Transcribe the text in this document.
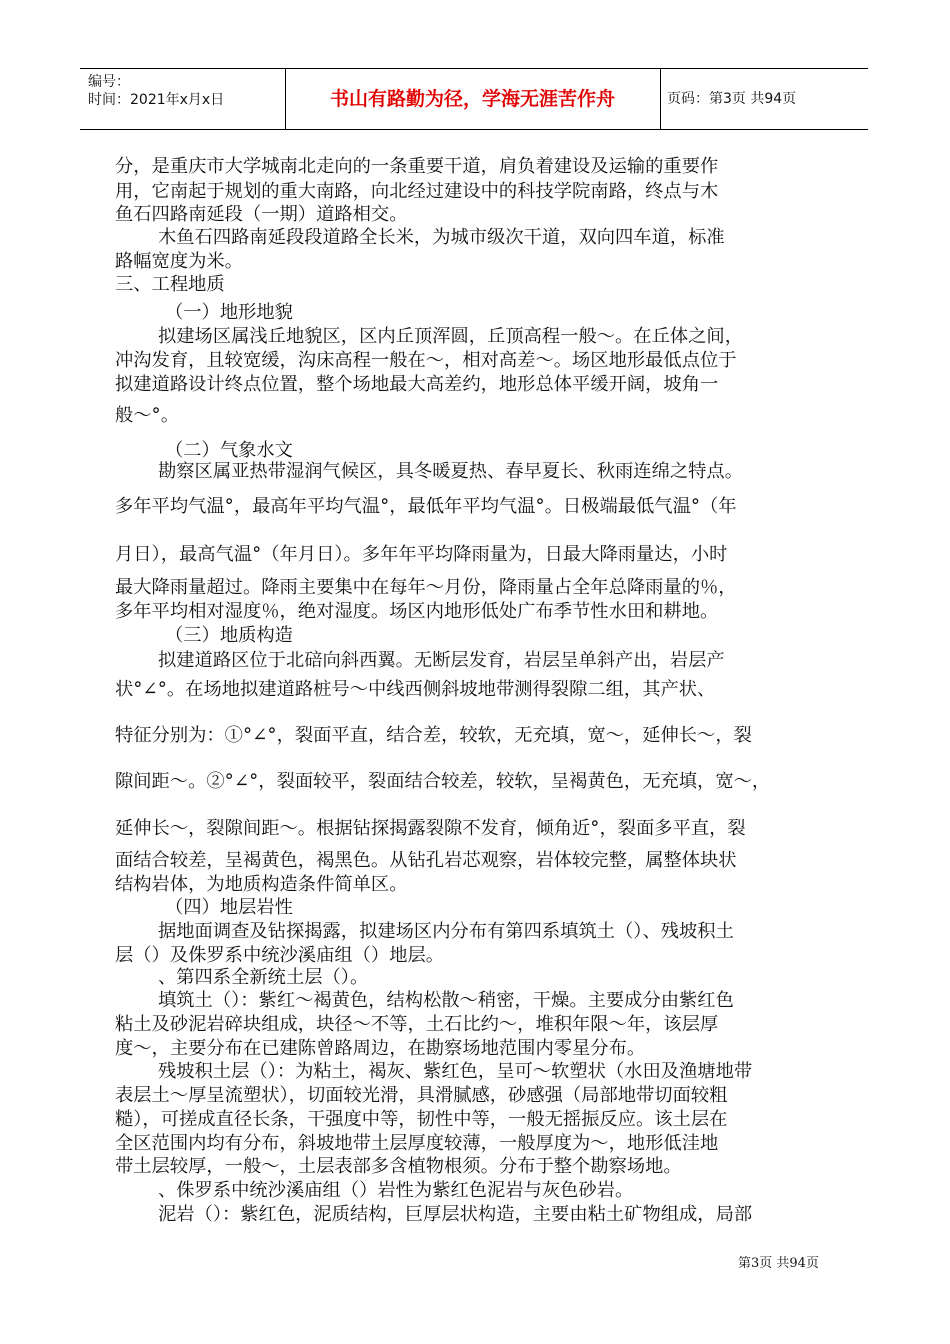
编号：
时间：2021年x月x日	书山有路勤为径，学海无涯苦作舟	页码：第3页 共94页
分，是重庆市大学城南北走向的一条重要干道，肩负着建设及运输的重要作
用，它南起于规划的重大南路，向北经过建设中的科技学院南路，终点与木
鱼石四路南延段（一期）道路相交。
木鱼石四路南延段段道路全长米，为城市级次干道，双向四车道，标准
路幅宽度为米。
三、工程地质
（一）地形地貌
拟建场区属浅丘地貌区，区内丘顶浑圆，丘顶高程一般～。在丘体之间，
冲沟发育，且较宽缓，沟床高程一般在～，相对高差～。场区地形最低点位于
拟建道路设计终点位置，整个场地最大高差约，地形总体平缓开阔，坡角一
般～°。
（二）气象水文
勘察区属亚热带湿润气候区，具冬暖夏热、春早夏长、秋雨连绵之特点。
多年平均气温°，最高年平均气温°，最低年平均气温°。日极端最低气温°（年
月日），最高气温°（年月日）。多年年平均降雨量为，日最大降雨量达，小时
最大降雨量超过。降雨主要集中在每年～月份，降雨量占全年总降雨量的％，
多年平均相对湿度％，绝对湿度。场区内地形低处广布季节性水田和耕地。
（三）地质构造
拟建道路区位于北碚向斜西翼。无断层发育，岩层呈单斜产出，岩层产
状°∠°。在场地拟建道路桩号～中线西侧斜坡地带测得裂隙二组，其产状、
特征分别为：①°∠°，裂面平直，结合差，较软，无充填，宽～，延伸长～，裂
隙间距～。②°∠°，裂面较平，裂面结合较差，较软，呈褐黄色，无充填，宽～，
延伸长～，裂隙间距～。根据钻探揭露裂隙不发育，倾角近°，裂面多平直，裂
面结合较差，呈褐黄色，褐黑色。从钻孔岩芯观察，岩体较完整，属整体块状
结构岩体，为地质构造条件简单区。
（四）地层岩性
据地面调查及钻探揭露，拟建场区内分布有第四系填筑土（）、残坡积土
层（）及侏罗系中统沙溪庙组（）地层。
、第四系全新统土层（）。
填筑土（）：紫红～褐黄色，结构松散～稍密，干燥。主要成分由紫红色
粘土及砂泥岩碎块组成，块径～不等，土石比约～，堆积年限～年，该层厚
度～，主要分布在已建陈曾路周边，在勘察场地范围内零星分布。
残坡积土层（）：为粘土，褐灰、紫红色，呈可～软塑状（水田及渔塘地带
表层土～厚呈流塑状），切面较光滑，具滑腻感，砂感强（局部地带切面较粗
糙），可搓成直径长条，干强度中等，韧性中等，一般无摇振反应。该土层在
全区范围内均有分布，斜坡地带土层厚度较薄，一般厚度为～，地形低洼地
带土层较厚，一般～，土层表部多含植物根须。分布于整个勘察场地。
、侏罗系中统沙溪庙组（）岩性为紫红色泥岩与灰色砂岩。
泥岩（）：紫红色，泥质结构，巨厚层状构造，主要由粘土矿物组成，局部
第3页 共94页
